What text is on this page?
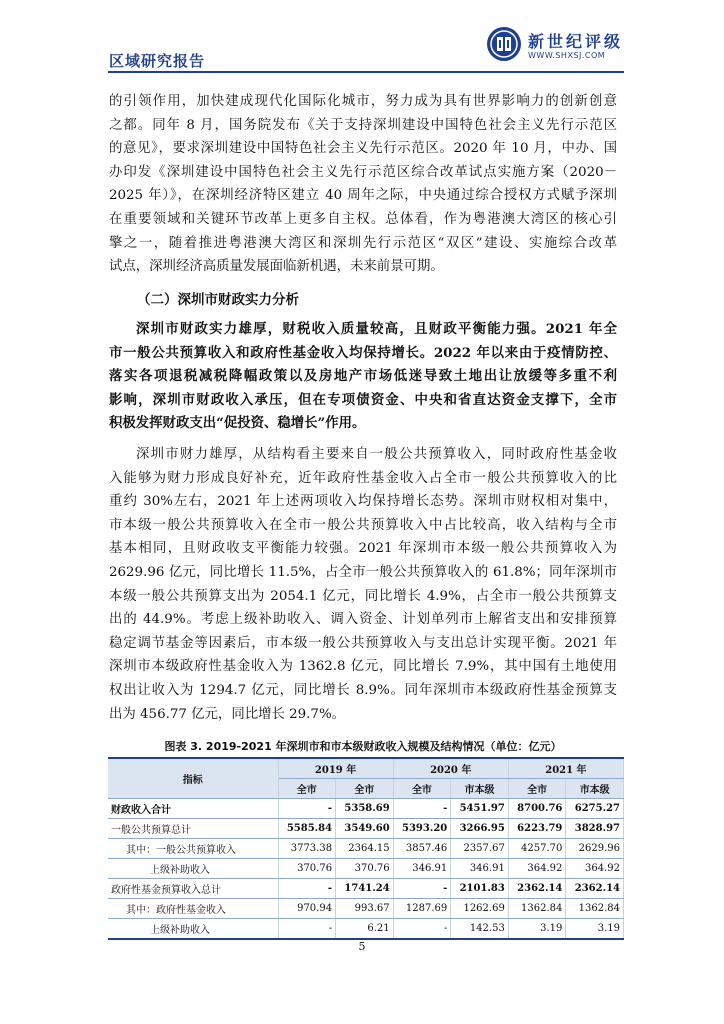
区域研究报告
新世纪评级
WWW.SHXSJ.COM
的引领作用，加快建成现代化国际化城市，努力成为具有世界影响力的创新创意
之都。同年 8 月，国务院发布《关于支持深圳建设中国特色社会主义先行示范区
的意见》，要求深圳建设中国特色社会主义先行示范区。2020 年 10 月，中办、国
办印发《深圳建设中国特色社会主义先行示范区综合改革试点实施方案（2020－
2025 年）》，在深圳经济特区建立 40 周年之际，中央通过综合授权方式赋予深圳
在重要领域和关键环节改革上更多自主权。总体看，作为粤港澳大湾区的核心引
擎之一，随着推进粤港澳大湾区和深圳先行示范区“双区”建设、实施综合改革
试点，深圳经济高质量发展面临新机遇，未来前景可期。
（二）深圳市财政实力分析
深圳市财政实力雄厚，财税收入质量较高，且财政平衡能力强。2021 年全
市一般公共预算收入和政府性基金收入均保持增长。2022 年以来由于疫情防控、
落实各项退税减税降幅政策以及房地产市场低迷导致土地出让放缓等多重不利
影响，深圳市财政收入承压，但在专项债资金、中央和省直达资金支撑下，全市
积极发挥财政支出“促投资、稳增长”作用。
深圳市财力雄厚，从结构看主要来自一般公共预算收入，同时政府性基金收
入能够为财力形成良好补充，近年政府性基金收入占全市一般公共预算收入的比
重约 30%左右，2021 年上述两项收入均保持增长态势。深圳市财权相对集中，
市本级一般公共预算收入在全市一般公共预算收入中占比较高，收入结构与全市
基本相同，且财政收支平衡能力较强。2021 年深圳市本级一般公共预算收入为
2629.96 亿元，同比增长 11.5%，占全市一般公共预算收入的 61.8%；同年深圳市
本级一般公共预算支出为 2054.1 亿元，同比增长 4.9%，占全市一般公共预算支
出的 44.9%。考虑上级补助收入、调入资金、计划单列市上解省支出和安排预算
稳定调节基金等因素后，市本级一般公共预算收入与支出总计实现平衡。2021 年
深圳市本级政府性基金收入为 1362.8 亿元，同比增长 7.9%，其中国有土地使用
权出让收入为 1294.7 亿元，同比增长 8.9%。同年深圳市本级政府性基金预算支
出为 456.77 亿元，同比增长 29.7%。
图表 3. 2019-2021 年深圳市和市本级财政收入规模及结构情况（单位：亿元）
指标	2019 年		2020 年		2021 年	
	全市	全市	全市	市本级	全市	市本级
财政收入合计	-	5358.69	-	5451.97	8700.76	6275.27
一般公共预算总计	5585.84	3549.60	5393.20	3266.95	6223.79	3828.97
其中：一般公共预算收入	3773.38	2364.15	3857.46	2357.67	4257.70	2629.96
上级补助收入	370.76	370.76	346.91	346.91	364.92	364.92
政府性基金预算收入总计	-	1741.24	-	2101.83	2362.14	2362.14
其中：政府性基金收入	970.94	993.67	1287.69	1262.69	1362.84	1362.84
上级补助收入	-	6.21	-	142.53	3.19	3.19
5
